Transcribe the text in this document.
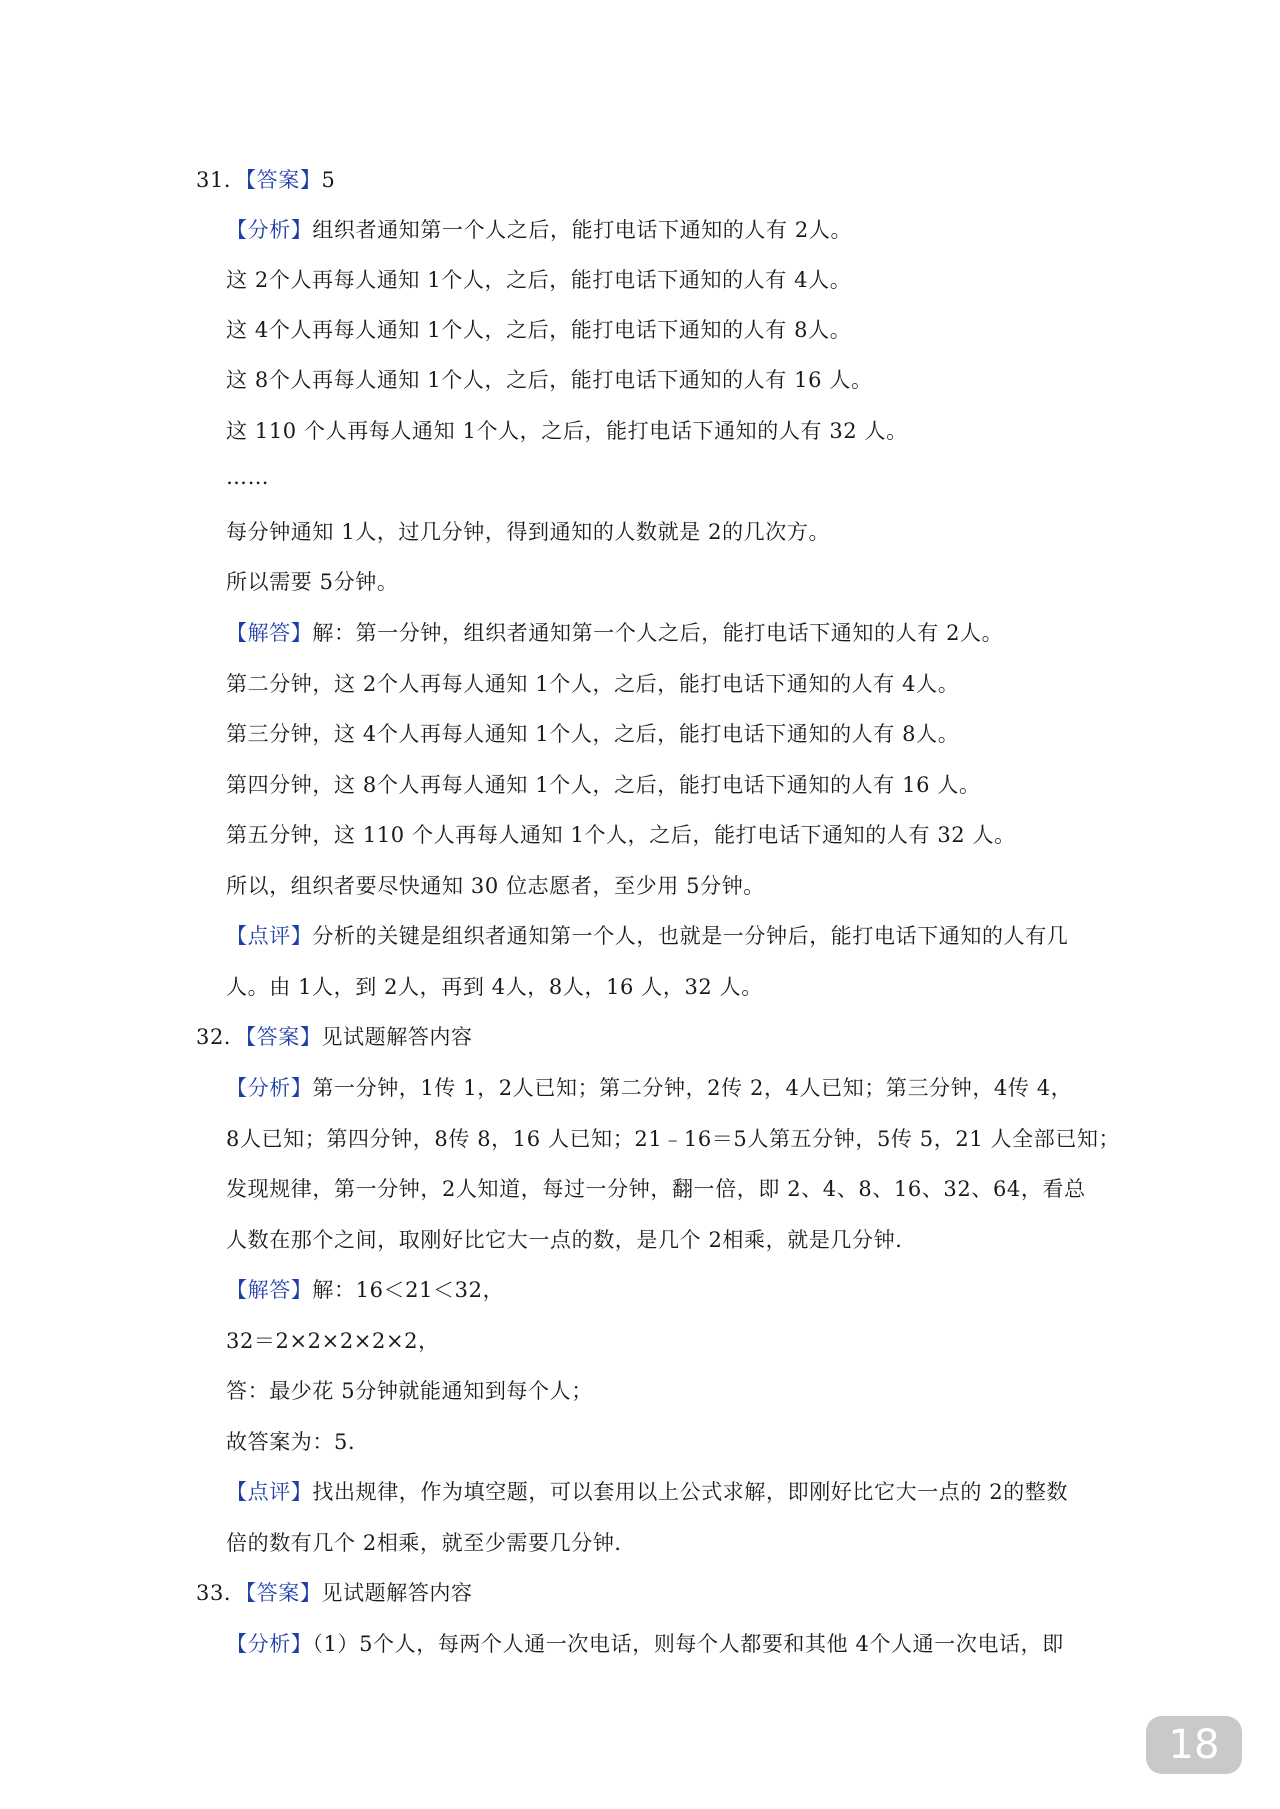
31．【答案】5
【分析】组织者通知第一个人之后，能打电话下通知的人有 2人。
这 2个人再每人通知 1个人，之后，能打电话下通知的人有 4人。
这 4个人再每人通知 1个人，之后，能打电话下通知的人有 8人。
这 8个人再每人通知 1个人，之后，能打电话下通知的人有 16 人。
这 110 个人再每人通知 1个人，之后，能打电话下通知的人有 32 人。
……
每分钟通知 1人，过几分钟，得到通知的人数就是 2的几次方。
所以需要 5分钟。
【解答】解：第一分钟，组织者通知第一个人之后，能打电话下通知的人有 2人。
第二分钟，这 2个人再每人通知 1个人，之后，能打电话下通知的人有 4人。
第三分钟，这 4个人再每人通知 1个人，之后，能打电话下通知的人有 8人。
第四分钟，这 8个人再每人通知 1个人，之后，能打电话下通知的人有 16 人。
第五分钟，这 110 个人再每人通知 1个人，之后，能打电话下通知的人有 32 人。
所以，组织者要尽快通知 30 位志愿者，至少用 5分钟。
【点评】分析的关键是组织者通知第一个人，也就是一分钟后，能打电话下通知的人有几
人。由 1人，到 2人，再到 4人，8人，16 人，32 人。
32．【答案】见试题解答内容
【分析】第一分钟，1传 1，2人已知；第二分钟，2传 2，4人已知；第三分钟，4传 4，
8人已知；第四分钟，8传 8，16 人已知；21﹣16＝5人第五分钟，5传 5，21 人全部已知；
发现规律，第一分钟，2人知道，每过一分钟，翻一倍，即 2、4、8、16、32、64，看总
人数在那个之间，取刚好比它大一点的数，是几个 2相乘，就是几分钟．
【解答】解：16＜21＜32，
32＝2×2×2×2×2，
答：最少花 5分钟就能通知到每个人；
故答案为：5．
【点评】找出规律，作为填空题，可以套用以上公式求解，即刚好比它大一点的 2的整数
倍的数有几个 2相乘，就至少需要几分钟．
33．【答案】见试题解答内容
【分析】（1）5个人，每两个人通一次电话，则每个人都要和其他 4个人通一次电话，即
18
